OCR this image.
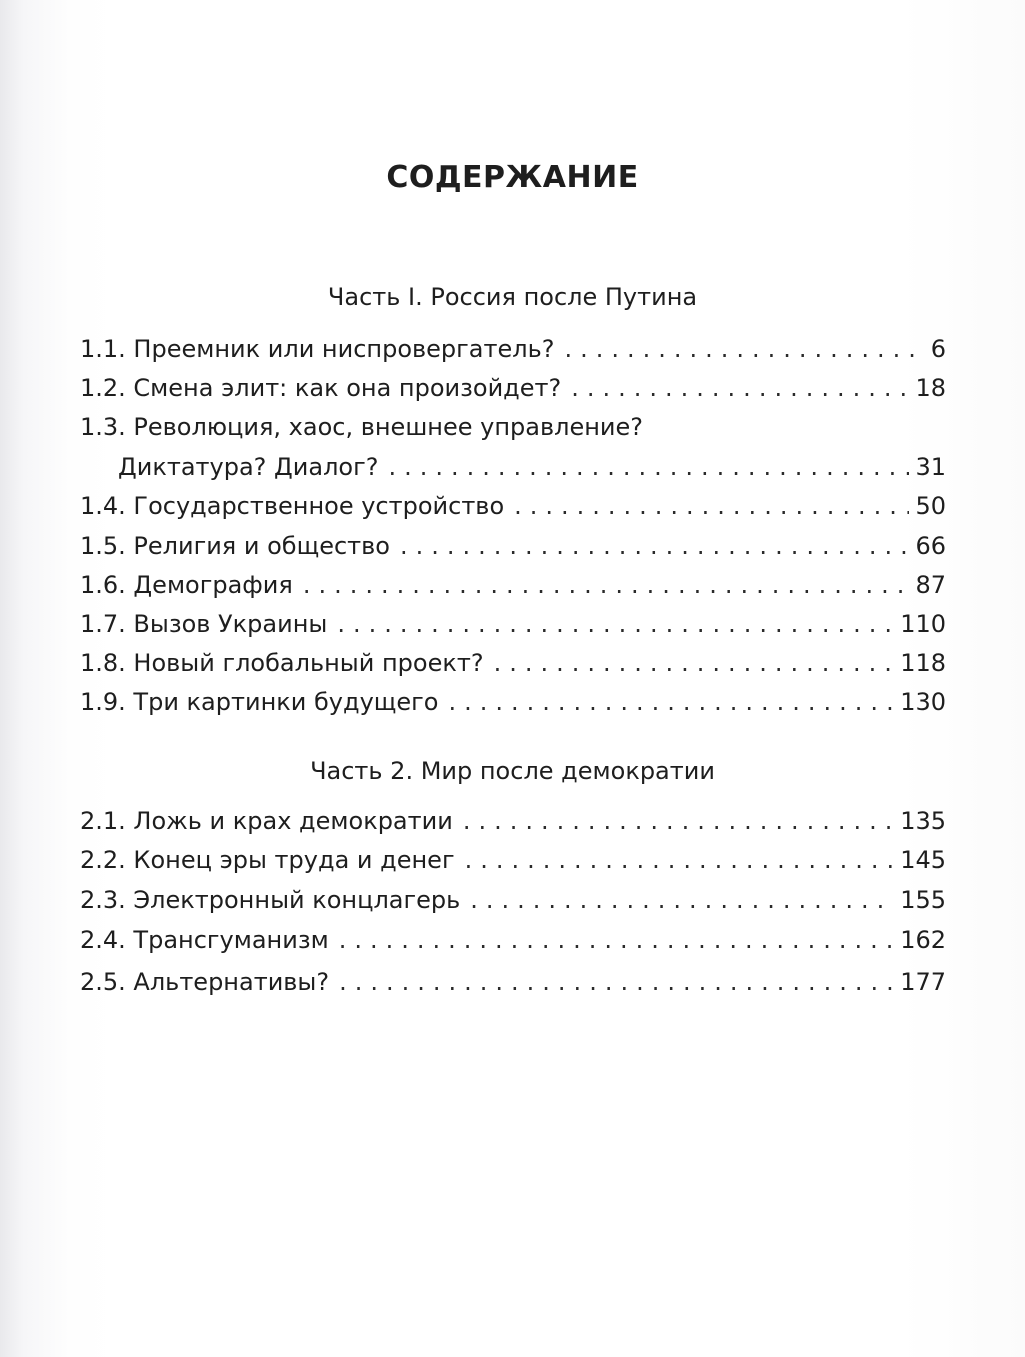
СОДЕРЖАНИЕ
Часть I. Россия после Путина
1.1. Преемник или ниспровергатель? .....	6
1.2. Смена элит: как она произойдет? .....	18
1.3. Революция, хаос, внешнее управление?
Диктатура? Диалог? .....	31
1.4. Государственное устройство .....	50
1.5. Религия и общество .....	66
1.6. Демография .....	87
1.7. Вызов Украины .....	110
1.8. Новый глобальный проект? .....	118
1.9. Три картинки будущего .....	130
Часть 2. Мир после демократии
2.1. Ложь и крах демократии .....	135
2.2. Конец эры труда и денег .....	145
2.3. Электронный концлагерь .....	155
2.4. Трансгуманизм .....	162
2.5. Альтернативы? .....	177
